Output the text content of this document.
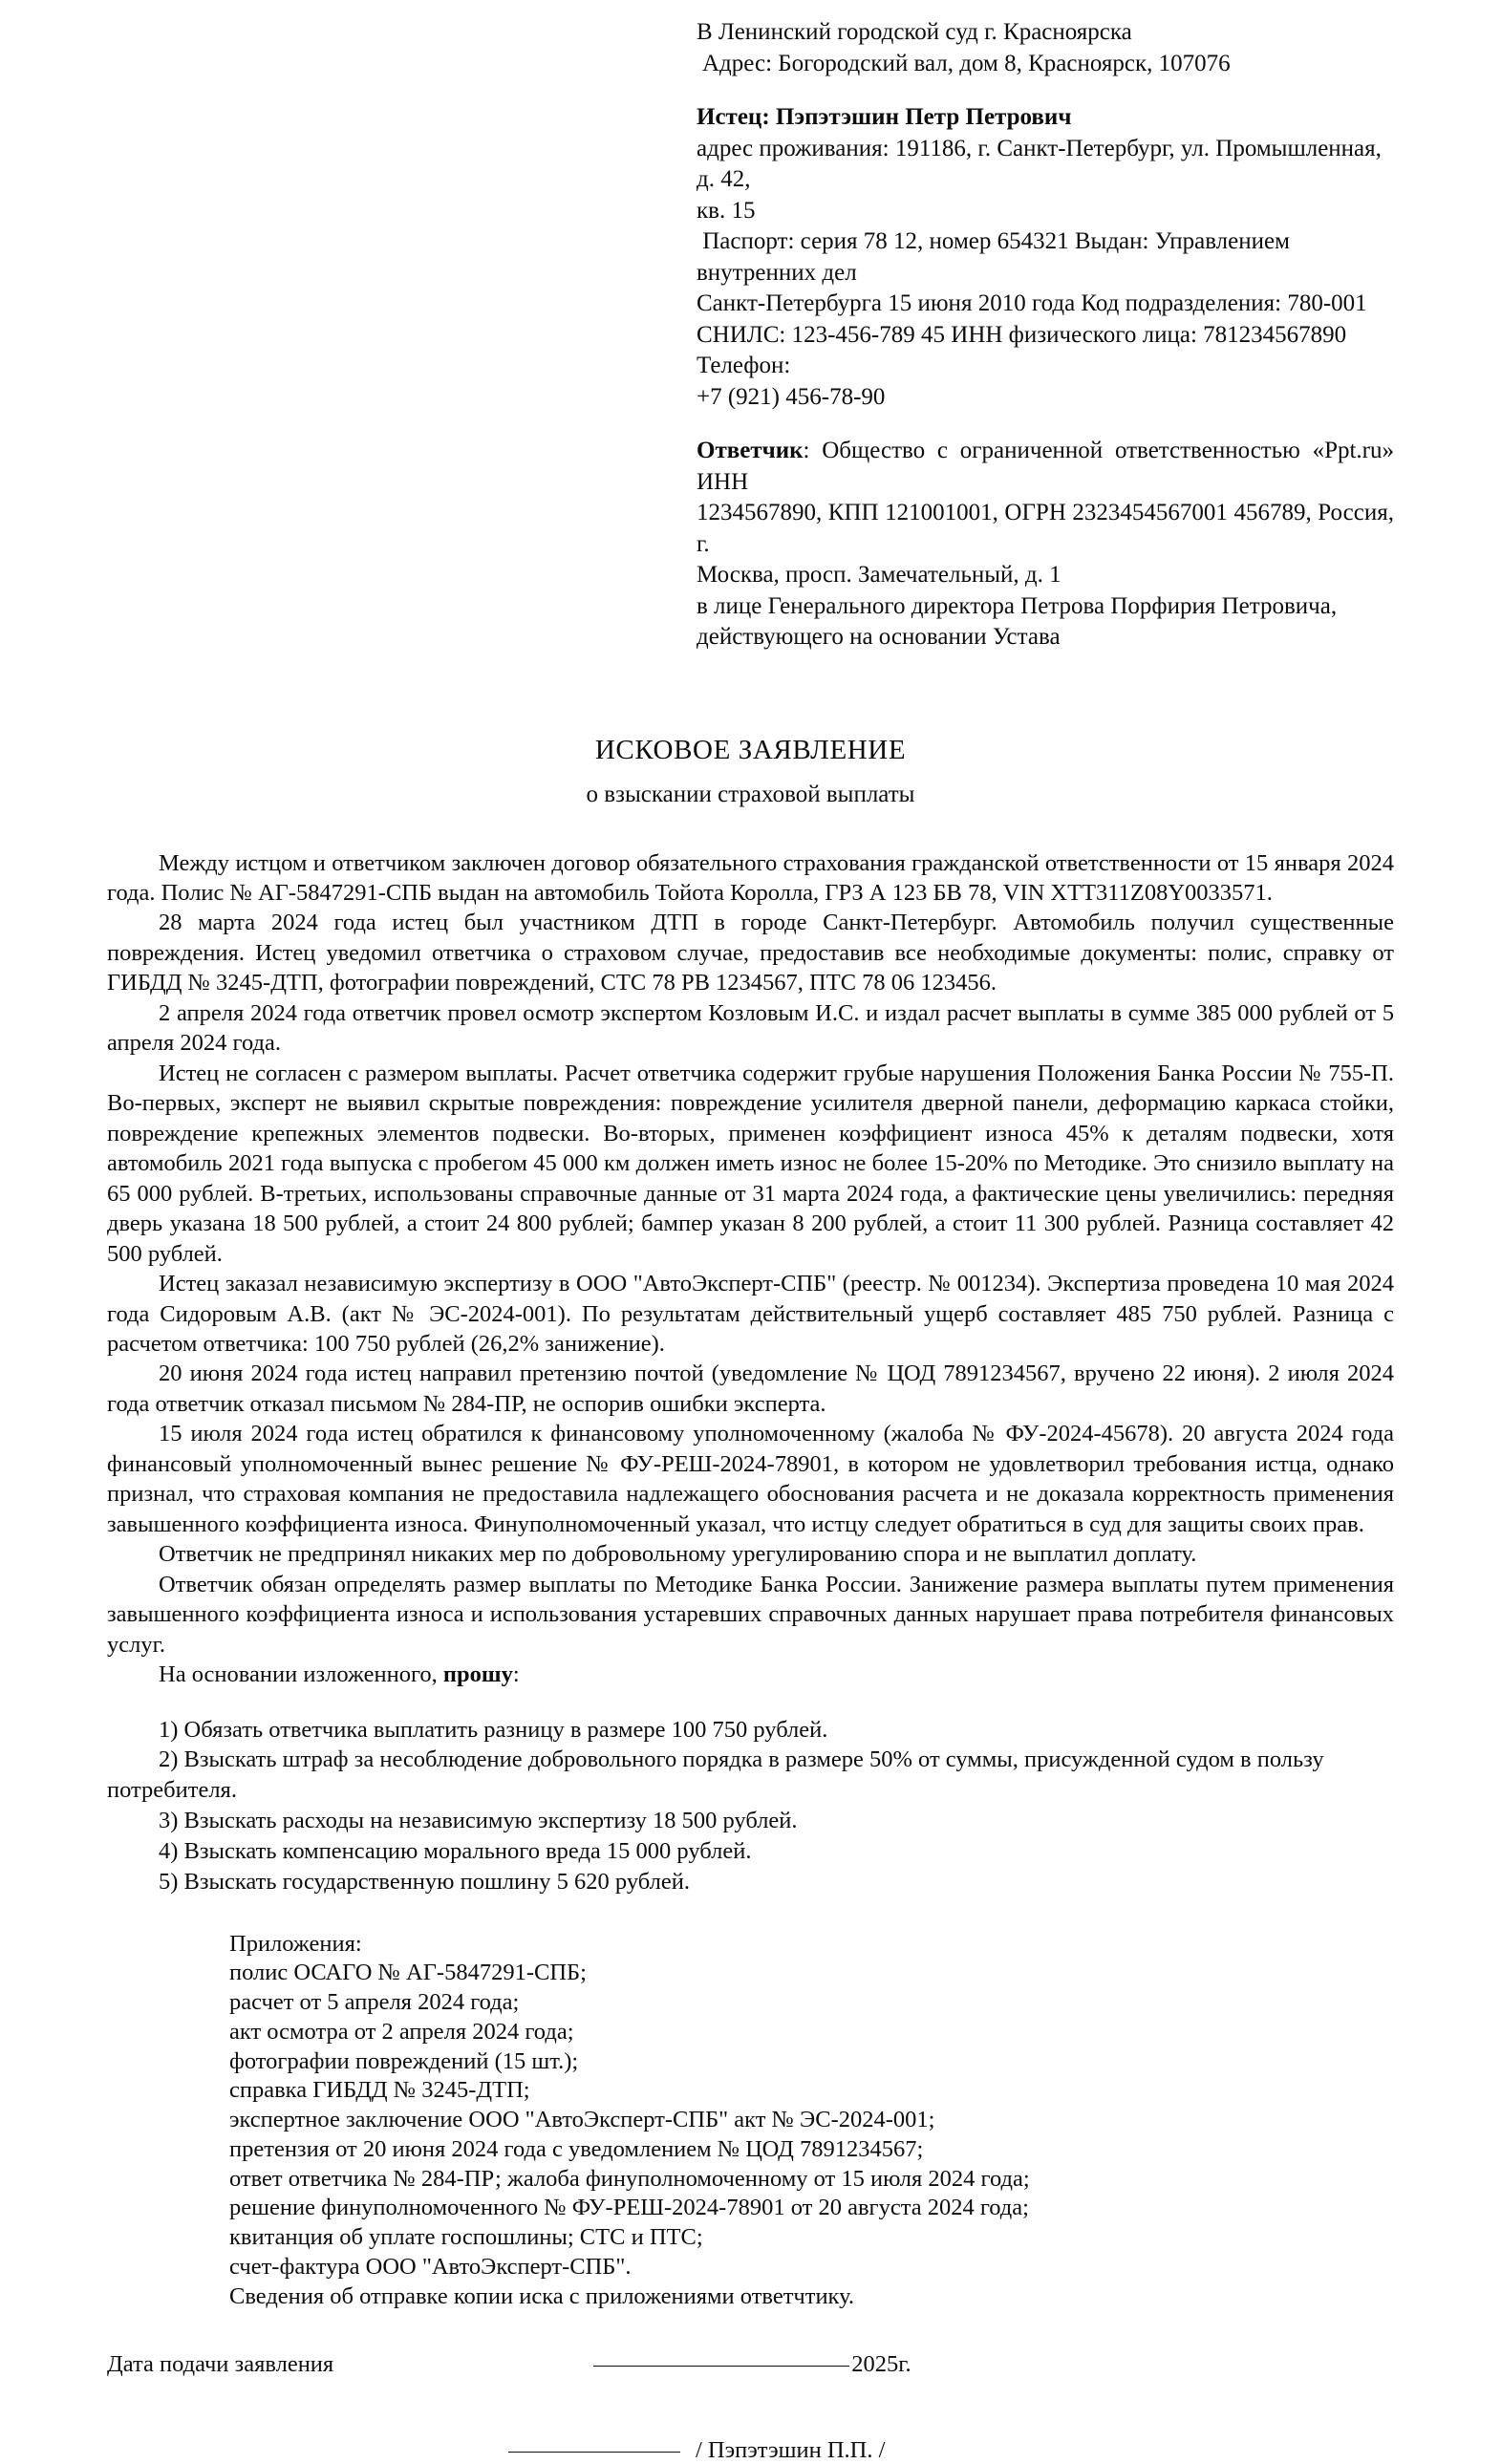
В Ленинский городской суд г. Красноярска
Адрес: Богородский вал, дом 8, Красноярск, 107076
Истец: Пэпэтэшин Петр Петрович
адрес проживания: 191186, г. Санкт-Петербург, ул. Промышленная, д. 42,
кв. 15
Паспорт: серия 78 12, номер 654321 Выдан: Управлением внутренних дел
Санкт-Петербурга 15 июня 2010 года Код подразделения: 780-001
СНИЛС: 123-456-789 45 ИНН физического лица: 781234567890 Телефон:
+7 (921) 456-78-90
Ответчик: Общество с ограниченной ответственностью «Ppt.ru» ИНН
1234567890, КПП 121001001, ОГРН 2323454567001 456789, Россия, г.
Москва, просп. Замечательный, д. 1
в лице Генерального директора Петрова Порфирия Петровича,
действующего на основании Устава
ИСКОВОЕ ЗАЯВЛЕНИЕ
о взыскании страховой выплаты

Между истцом и ответчиком заключен договор обязательного страхования гражданской ответственности от 15 января 2024 года. Полис № АГ-5847291-СПБ выдан на автомобиль Тойота Королла, ГРЗ А 123 БВ 78, VIN XTT311Z08Y0033571.

28 марта 2024 года истец был участником ДТП в городе Санкт-Петербург. Автомобиль получил существенные повреждения. Истец уведомил ответчика о страховом случае, предоставив все необходимые документы: полис, справку от ГИБДД № 3245-ДТП, фотографии повреждений, СТС 78 РВ 1234567, ПТС 78 06 123456.

2 апреля 2024 года ответчик провел осмотр экспертом Козловым И.С. и издал расчет выплаты в сумме 385 000 рублей от 5 апреля 2024 года.

Истец не согласен с размером выплаты. Расчет ответчика содержит грубые нарушения Положения Банка России № 755-П. Во-первых, эксперт не выявил скрытые повреждения: повреждение усилителя дверной панели, деформацию каркаса стойки, повреждение крепежных элементов подвески. Во-вторых, применен коэффициент износа 45% к деталям подвески, хотя автомобиль 2021 года выпуска с пробегом 45 000 км должен иметь износ не более 15-20% по Методике. Это снизило выплату на 65 000 рублей. В-третьих, использованы справочные данные от 31 марта 2024 года, а фактические цены увеличились: передняя дверь указана 18 500 рублей, а стоит 24 800 рублей; бампер указан 8 200 рублей, а стоит 11 300 рублей. Разница составляет 42 500 рублей.

Истец заказал независимую экспертизу в ООО "АвтоЭксперт-СПБ" (реестр. № 001234). Экспертиза проведена 10 мая 2024 года Сидоровым А.В. (акт № ЭС-2024-001). По результатам действительный ущерб составляет 485 750 рублей. Разница с расчетом ответчика: 100 750 рублей (26,2% занижение).

20 июня 2024 года истец направил претензию почтой (уведомление № ЦОД 7891234567, вручено 22 июня). 2 июля 2024 года ответчик отказал письмом № 284-ПР, не оспорив ошибки эксперта.

15 июля 2024 года истец обратился к финансовому уполномоченному (жалоба № ФУ-2024-45678). 20 августа 2024 года финансовый уполномоченный вынес решение № ФУ-РЕШ-2024-78901, в котором не удовлетворил требования истца, однако признал, что страховая компания не предоставила надлежащего обоснования расчета и не доказала корректность применения завышенного коэффициента износа. Финуполномоченный указал, что истцу следует обратиться в суд для защиты своих прав.

Ответчик не предпринял никаких мер по добровольному урегулированию спора и не выплатил доплату.

Ответчик обязан определять размер выплаты по Методике Банка России. Занижение размера выплаты путем применения завышенного коэффициента износа и использования устаревших справочных данных нарушает права потребителя финансовых услуг.

На основании изложенного, прошу:

1) Обязать ответчика выплатить разницу в размере 100 750 рублей.
2) Взыскать штраф за несоблюдение добровольного порядка в размере 50% от суммы, присужденной судом в пользу потребителя.
3) Взыскать расходы на независимую экспертизу 18 500 рублей.
4) Взыскать компенсацию морального вреда 15 000 рублей.
5) Взыскать государственную пошлину 5 620 рублей.
Приложения:
полис ОСАГО № АГ-5847291-СПБ;
расчет от 5 апреля 2024 года;
акт осмотра от 2 апреля 2024 года;
фотографии повреждений (15 шт.);
справка ГИБДД № 3245-ДТП;
экспертное заключение ООО "АвтоЭксперт-СПБ" акт № ЭС-2024-001;
претензия от 20 июня 2024 года с уведомлением № ЦОД 7891234567;
ответ ответчика № 284-ПР; жалоба финуполномоченному от 15 июля 2024 года;
решение финуполномоченного № ФУ-РЕШ-2024-78901 от 20 августа 2024 года;
квитанция об уплате госпошлины; СТС и ПТС;
счет-фактура ООО "АвтоЭксперт-СПБ".
Сведения об отправке копии иска с приложениями ответчтику.
Дата подачи заявления	2025г.
/ Пэпэтэшин П.П. /
